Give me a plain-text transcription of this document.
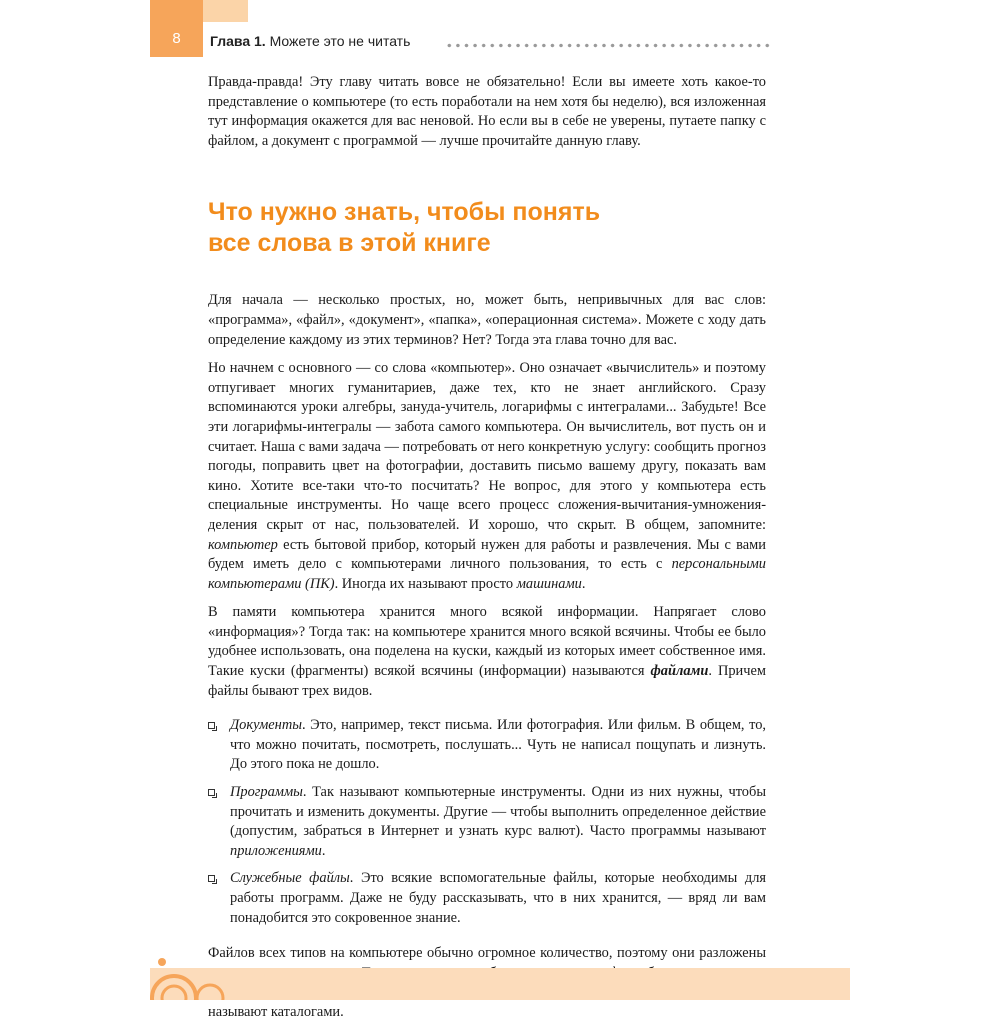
8	Глава 1. Можете это не читать

Правда-правда! Эту главу читать вовсе не обязательно! Если вы имеете хоть какое-то представление о компьютере (то есть поработали на нем хотя бы неделю), вся изложенная тут информация окажется для вас неновой. Но если вы в себе не уверены, путаете папку с файлом, а документ с программой — лучше прочитайте данную главу.

Что нужно знать, чтобы понять
все слова в этой книге

Для начала — несколько простых, но, может быть, непривычных для вас слов: «программа», «файл», «документ», «папка», «операционная система». Можете с ходу дать определение каждому из этих терминов? Нет? Тогда эта глава точно для вас.

Но начнем с основного — со слова «компьютер». Оно означает «вычислитель» и поэтому отпугивает многих гуманитариев, даже тех, кто не знает английского. Сразу вспоминаются уроки алгебры, зануда-учитель, логарифмы с интегралами... Забудьте! Все эти логарифмы-интегралы — забота самого компьютера. Он вычислитель, вот пусть он и считает. Наша с вами задача — потребовать от него конкретную услугу: сообщить прогноз погоды, поправить цвет на фотографии, доставить письмо вашему другу, показать вам кино. Хотите все-таки что-то посчитать? Не вопрос, для этого у компьютера есть специальные инструменты. Но чаще всего процесс сложения-вычитания-умножения-деления скрыт от нас, пользователей. И хорошо, что скрыт. В общем, запомните: компьютер есть бытовой прибор, который нужен для работы и развлечения. Мы с вами будем иметь дело с компьютерами личного пользования, то есть с персональными компьютерами (ПК). Иногда их называют просто машинами.

В памяти компьютера хранится много всякой информации. Напрягает слово «информация»? Тогда так: на компьютере хранится много всякой всячины. Чтобы ее было удобнее использовать, она поделена на куски, каждый из которых имеет собственное имя. Такие куски (фрагменты) всякой всячины (информации) называются файлами. Причем файлы бывают трех видов.

Документы. Это, например, текст письма. Или фотография. Или фильм. В общем, то, что можно почитать, посмотреть, послушать... Чуть не написал пощупать и лизнуть. До этого пока не дошло.
Программы. Так называют компьютерные инструменты. Одни из них нужны, чтобы прочитать и изменить документы. Другие — чтобы выполнить определенное действие (допустим, забраться в Интернет и узнать курс валют). Часто программы называют приложениями.
Служебные файлы. Это всякие вспомогательные файлы, которые необходимы для работы программ. Даже не буду рассказывать, что в них хранится, — вряд ли вам понадобится это сокровенное знание.

Файлов всех типов на компьютере обычно огромное количество, поэтому они разложены называют каталогами.
